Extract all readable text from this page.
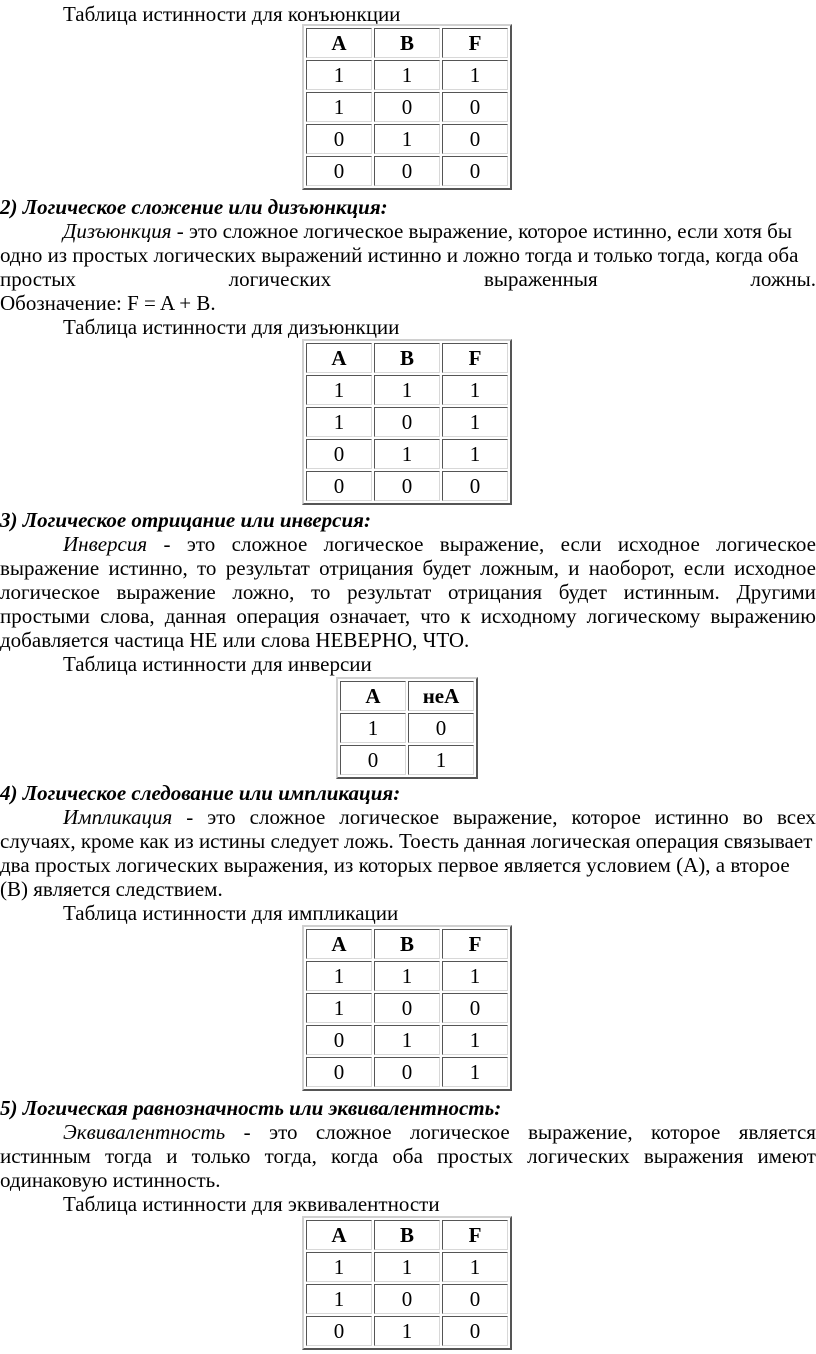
Таблица истинности для конъюнкции
A	B	F
1	1	1
1	0	0
0	1	0
0	0	0
2) Логическое сложение или дизъюнкция:
Дизъюнкция - это сложное логическое выражение, которое истинно, если хотя бы
одно из простых логических выражений истинно и ложно тогда и только тогда, когда оба
простых	логических	выраженныя	ложны.
Обозначение: F = A + B.
Таблица истинности для дизъюнкции
A	B	F
1	1	1
1	0	1
0	1	1
0	0	0
3) Логическое отрицание или инверсия:
Инверсия - это сложное логическое выражение, если исходное логическое
выражение истинно, то результат отрицания будет ложным, и наоборот, если исходное
логическое выражение ложно, то результат отрицания будет истинным. Другими
простыми слова, данная операция означает, что к исходному логическому выражению
добавляется частица НЕ или слова НЕВЕРНО, ЧТО.
Таблица истинности для инверсии
A	неA
1	0
0	1
4) Логическое следование или импликация:
Импликация - это сложное логическое выражение, которое истинно во всех
случаях, кроме как из истины следует ложь. Тоесть данная логическая операция связывает
два простых логических выражения, из которых первое является условием (А), а второе
(В) является следствием.
Таблица истинности для импликации
A	B	F
1	1	1
1	0	0
0	1	1
0	0	1
5) Логическая равнозначность или эквивалентность:
Эквивалентность - это сложное логическое выражение, которое является
истинным тогда и только тогда, когда оба простых логических выражения имеют
одинаковую истинность.
Таблица истинности для эквивалентности
A	B	F
1	1	1
1	0	0
0	1	0
